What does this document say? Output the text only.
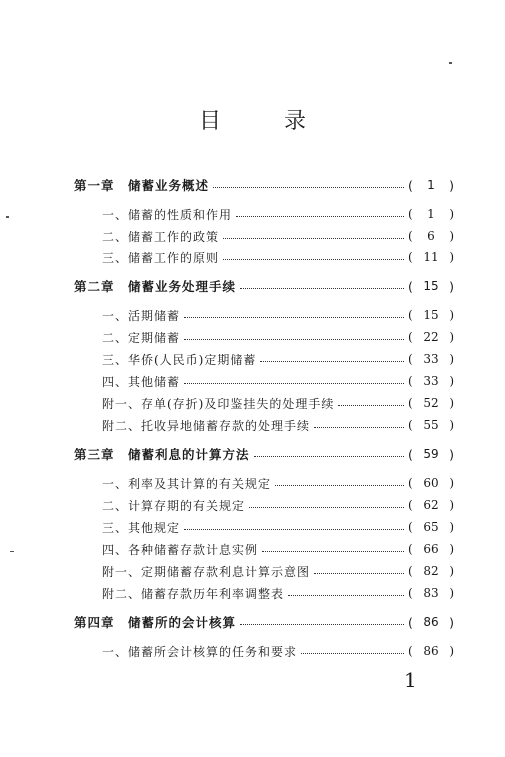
目 录
第一章　储蓄业务概述	(	1	)
一、储蓄的性质和作用	(	1	)
二、储蓄工作的政策	(	6	)
三、储蓄工作的原则	( 11 )
第二章　储蓄业务处理手续	( 15 )
一、活期储蓄	( 15 )
二、定期储蓄	( 22 )
三、华侨(人民币)定期储蓄	( 33 )
四、其他储蓄	( 33 )
附一、存单(存折)及印鉴挂失的处理手续	( 52 )
附二、托收异地储蓄存款的处理手续	( 55 )
第三章　储蓄利息的计算方法	( 59 )
一、利率及其计算的有关规定	( 60 )
二、计算存期的有关规定	( 62 )
三、其他规定	( 65 )
四、各种储蓄存款计息实例	( 66 )
附一、定期储蓄存款利息计算示意图	( 82 )
附二、储蓄存款历年利率调整表	( 83 )
第四章　储蓄所的会计核算	( 86 )
一、储蓄所会计核算的任务和要求	( 86 )
1
